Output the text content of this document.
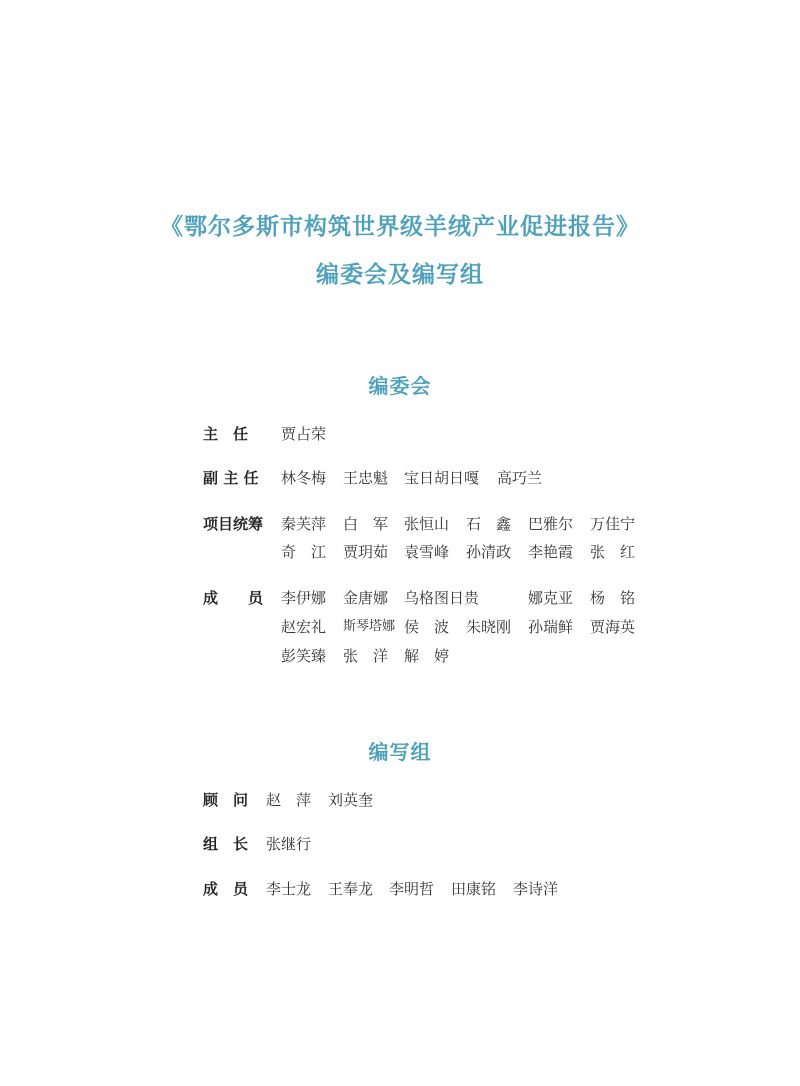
《鄂尔多斯市构筑世界级羊绒产业促进报告》
编委会及编写组
编委会
主　任	贾占荣
副 主 任 林冬梅 王忠魁 宝日胡日嘎 高巧兰
项目统筹 秦芙萍 白　军 张恒山 石　鑫 巴雅尔 万佳宁
奇　江 贾玥茹 袁雪峰 孙清政 李艳霞 张　红
成　　员 李伊娜 金唐娜 乌格图日贵	娜克亚 杨　铭
赵宏礼 斯琴塔娜 侯　波 朱晓刚 孙瑞鲜 贾海英
彭笑臻 张　洋 解　婷
编写组
顾　问 赵　萍 刘英奎
组　长 张继行
成　员 李士龙 王奉龙 李明哲 田康铭 李诗洋
